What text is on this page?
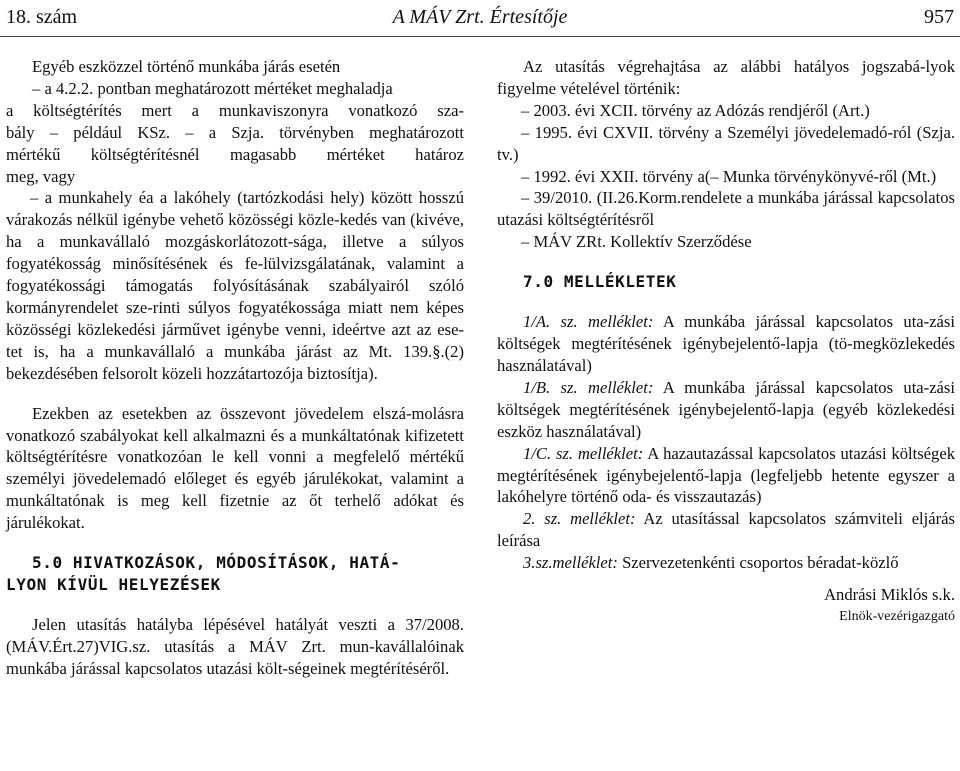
18. szám	A MÁV Zrt. Értesítője	957

Egyéb eszközzel történő munkába járás esetén

– a 4.2.2. pontban meghatározott mértéket meghaladja

a költségtérítés mert a munkaviszonyra vonatkozó sza-

bály – például KSz. – a Szja. törvényben meghatározott

mértékű költségtérítésnél magasabb mértéket határoz

meg, vagy

– a munkahely éa a lakóhely (tartózkodási hely) között hosszú várakozás nélkül igénybe vehető közösségi közle-kedés van (kivéve, ha a munkavállaló mozgáskorlátozott-sága, illetve a súlyos fogyatékosság minősítésének és fe-lülvizsgálatának, valamint a fogyatékossági támogatás folyósításának szabályairól szóló kormányrendelet sze-rinti súlyos fogyatékossága miatt nem képes közösségi közlekedési járművet igénybe venni, ideértve azt az ese-tet is, ha a munkavállaló a munkába járást az Mt. 139.§.(2) bekezdésében felsorolt közeli hozzátartozója biztosítja).

Ezekben az esetekben az összevont jövedelem elszá-molásra vonatkozó szabályokat kell alkalmazni és a munkáltatónak kifizetett költségtérítésre vonatkozóan le kell vonni a megfelelő mértékű személyi jövedelemadó előleget és egyéb járulékokat, valamint a munkáltatónak is meg kell fizetnie az őt terhelő adókat és járulékokat.

5.0 HIVATKOZÁSOK, MÓDOSÍTÁSOK, HATÁ-

LYON KÍVÜL HELYEZÉSEK

Jelen utasítás hatályba lépésével hatályát veszti a 37/2008.(MÁV.Ért.27)VIG.sz. utasítás a MÁV Zrt. mun-kavállalóinak munkába járással kapcsolatos utazási költ-ségeinek megtérítéséről.

Az utasítás végrehajtása az alábbi hatályos jogszabá-lyok figyelme vételével történik:

– 2003. évi XCII. törvény az Adózás rendjéről (Art.)

– 1995. évi CXVII. törvény a Személyi jövedelemadó-ról (Szja. tv.)

– 1992. évi XXII. törvény a(– Munka törvénykönyvé-ről (Mt.)

– 39/2010. (II.26.Korm.rendelete a munkába járással kapcsolatos utazási költségtérítésről

– MÁV ZRt. Kollektív Szerződése

7.0 MELLÉKLETEK

1/A. sz. melléklet: A munkába járással kapcsolatos uta-zási költségek megtérítésének igénybejelentő-lapja (tö-megközlekedés használatával)

1/B. sz. melléklet: A munkába járással kapcsolatos uta-zási költségek megtérítésének igénybejelentő-lapja (egyéb közlekedési eszköz használatával)

1/C. sz. melléklet: A hazautazással kapcsolatos utazási költségek megtérítésének igénybejelentő-lapja (legfeljebb hetente egyszer a lakóhelyre történő oda- és visszautazás)

2. sz. melléklet: Az utasítással kapcsolatos számviteli eljárás leírása

3.sz.melléklet: Szervezetenkénti csoportos béradat-közlő

Andrási Miklós s.k.

Elnök-vezérigazgató
